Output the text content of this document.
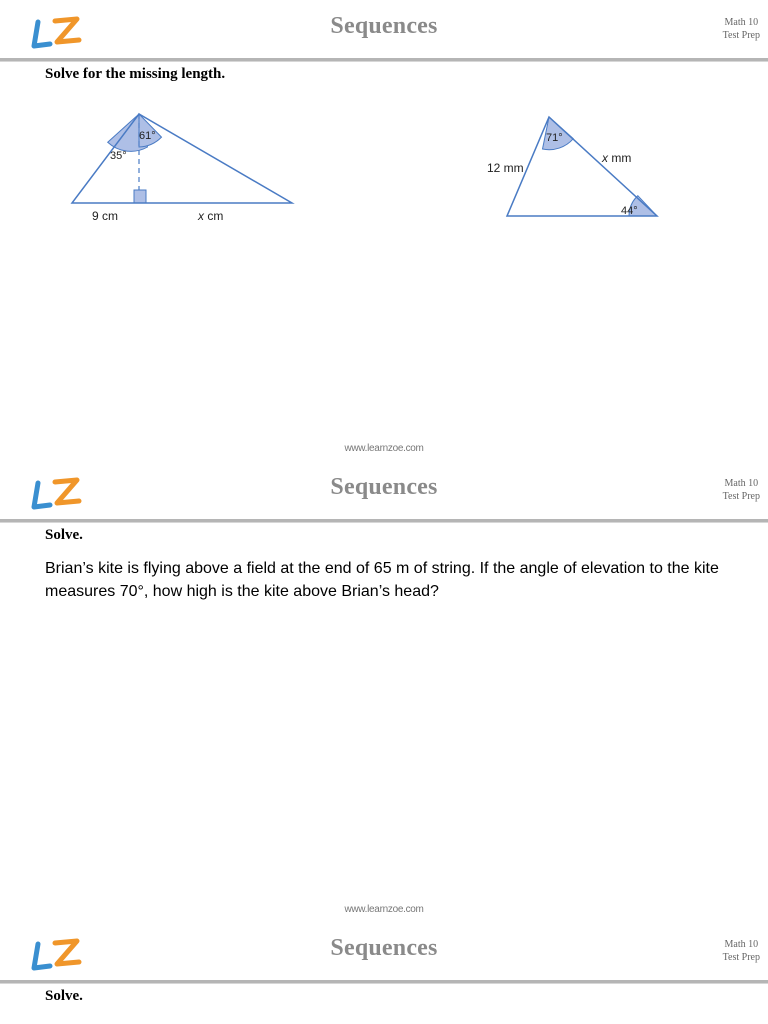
Sequences	Math 10
Test Prep
Solve for the missing length.
9 cm	x cm
35°
61°	71°
12 mm
x mm
44°
www.learnzoe.com
Sequences	Math 10
Test Prep
Solve.
Brian’s kite is flying above a field at the end of 65 m of string. If the angle of elevation to the kite measures 70°, how high is the kite above Brian’s head?
www.learnzoe.com
Sequences	Math 10
Test Prep
Solve.
